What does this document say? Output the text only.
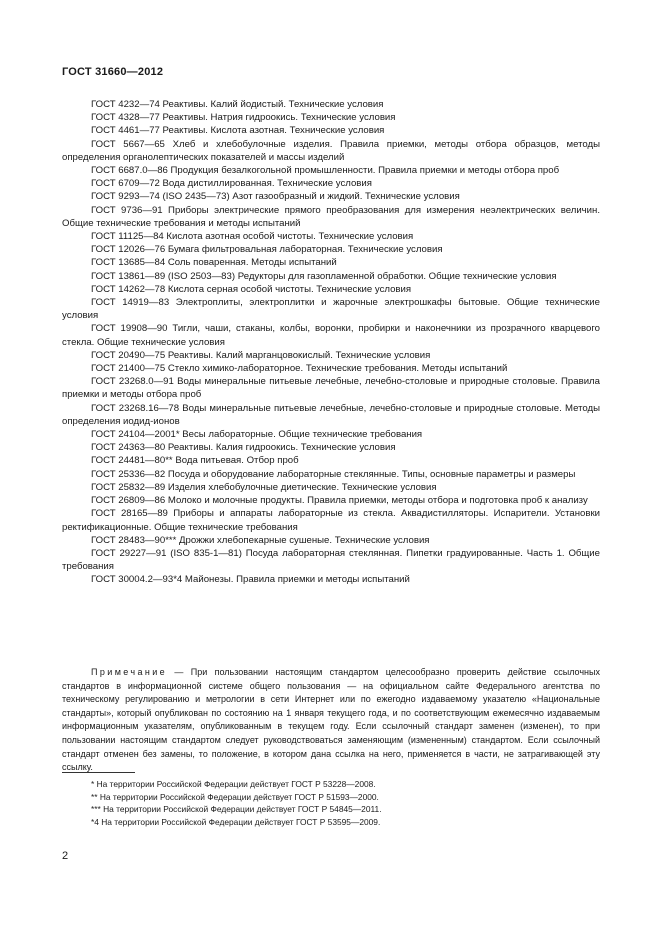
ГОСТ 31660—2012

ГОСТ 4232—74 Реактивы. Калий йодистый. Технические условия

ГОСТ 4328—77 Реактивы. Натрия гидроокись. Технические условия

ГОСТ 4461—77 Реактивы. Кислота азотная. Технические условия

ГОСТ 5667—65 Хлеб и хлебобулочные изделия. Правила приемки, методы отбора образцов, методы определения органолептических показателей и массы изделий

ГОСТ 6687.0—86 Продукция безалкогольной промышленности. Правила приемки и методы отбора проб

ГОСТ 6709—72 Вода дистиллированная. Технические условия

ГОСТ 9293—74 (ISO 2435—73) Азот газообразный и жидкий. Технические условия

ГОСТ 9736—91 Приборы электрические прямого преобразования для измерения неэлектрических величин. Общие технические требования и методы испытаний

ГОСТ 11125—84 Кислота азотная особой чистоты. Технические условия

ГОСТ 12026—76 Бумага фильтровальная лабораторная. Технические условия

ГОСТ 13685—84 Соль поваренная. Методы испытаний

ГОСТ 13861—89 (ISO 2503—83) Редукторы для газопламенной обработки. Общие технические условия

ГОСТ 14262—78 Кислота серная особой чистоты. Технические условия

ГОСТ 14919—83 Электроплиты, электроплитки и жарочные электрошкафы бытовые. Общие технические условия

ГОСТ 19908—90 Тигли, чаши, стаканы, колбы, воронки, пробирки и наконечники из прозрачного кварцевого стекла. Общие технические условия

ГОСТ 20490—75 Реактивы. Калий марганцовокислый. Технические условия

ГОСТ 21400—75 Стекло химико-лабораторное. Технические требования. Методы испытаний

ГОСТ 23268.0—91 Воды минеральные питьевые лечебные, лечебно-столовые и природные столовые. Правила приемки и методы отбора проб

ГОСТ 23268.16—78 Воды минеральные питьевые лечебные, лечебно-столовые и природные столовые. Методы определения иодид-ионов

ГОСТ 24104—2001* Весы лабораторные. Общие технические требования

ГОСТ 24363—80 Реактивы. Калия гидроокись. Технические условия

ГОСТ 24481—80** Вода питьевая. Отбор проб

ГОСТ 25336—82 Посуда и оборудование лабораторные стеклянные. Типы, основные параметры и размеры

ГОСТ 25832—89 Изделия хлебобулочные диетические. Технические условия

ГОСТ 26809—86 Молоко и молочные продукты. Правила приемки, методы отбора и подготовка проб к анализу

ГОСТ 28165—89 Приборы и аппараты лабораторные из стекла. Аквадистилляторы. Испарители. Установки ректификационные. Общие технические требования

ГОСТ 28483—90*** Дрожжи хлебопекарные сушеные. Технические условия

ГОСТ 29227—91 (ISO 835-1—81) Посуда лабораторная стеклянная. Пипетки градуированные. Часть 1. Общие требования

ГОСТ 30004.2—93*4 Майонезы. Правила приемки и методы испытаний

Примечание — При пользовании настоящим стандартом целесообразно проверить действие ссылочных стандартов в информационной системе общего пользования — на официальном сайте Федерального агентства по техническому регулированию и метрологии в сети Интернет или по ежегодно издаваемому указателю «Национальные стандарты», который опубликован по состоянию на 1 января текущего года, и по соответствующим ежемесячно издаваемым информационным указателям, опубликованным в текущем году. Если ссылочный стандарт заменен (изменен), то при пользовании настоящим стандартом следует руководствоваться заменяющим (измененным) стандартом. Если ссылочный стандарт отменен без замены, то положение, в котором дана ссылка на него, применяется в части, не затрагивающей эту ссылку.

* На территории Российской Федерации действует ГОСТ Р 53228—2008.

** На территории Российской Федерации действует ГОСТ Р 51593—2000.

*** На территории Российской Федерации действует ГОСТ Р 54845—2011.

*4 На территории Российской Федерации действует ГОСТ Р 53595—2009.

2
